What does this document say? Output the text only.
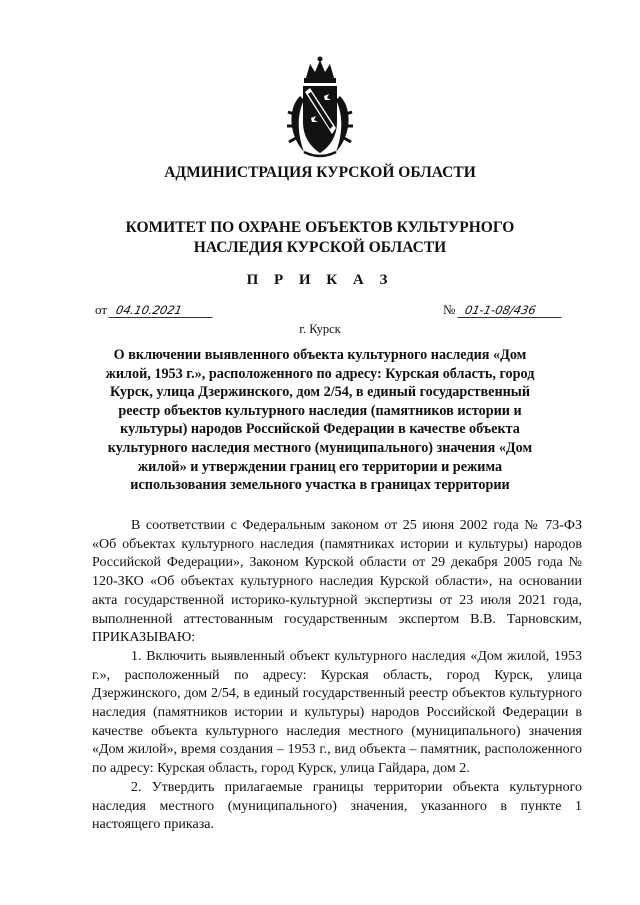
АДМИНИСТРАЦИЯ КУРСКОЙ ОБЛАСТИ
КОМИТЕТ ПО ОХРАНЕ ОБЪЕКТОВ КУЛЬТУРНОГО НАСЛЕДИЯ КУРСКОЙ ОБЛАСТИ
П Р И К А З
от 04.10.2021	№ 01-1-08/436
г. Курск
О включении выявленного объекта культурного наследия «Дом жилой, 1953 г.», расположенного по адресу: Курская область, город Курск, улица Дзержинского, дом 2/54, в единый государственный реестр объектов культурного наследия (памятников истории и культуры) народов Российской Федерации в качестве объекта культурного наследия местного (муниципального) значения «Дом жилой» и утверждении границ его территории и режима использования земельного участка в границах территории

В соответствии с Федеральным законом от 25 июня 2002 года № 73-ФЗ «Об объектах культурного наследия (памятниках истории и культуры) народов Российской Федерации», Законом Курской области от 29 декабря 2005 года № 120-ЗКО «Об объектах культурного наследия Курской области», на основании акта государственной историко-культурной экспертизы от 23 июля 2021 года, выполненной аттестованным государственным экспертом В.В. Тарновским, ПРИКАЗЫВАЮ:

1. Включить выявленный объект культурного наследия «Дом жилой, 1953 г.», расположенный по адресу: Курская область, город Курск, улица Дзержинского, дом 2/54, в единый государственный реестр объектов культурного наследия (памятников истории и культуры) народов Российской Федерации в качестве объекта культурного наследия местного (муниципального) значения «Дом жилой», время создания – 1953 г., вид объекта – памятник, расположенного по адресу: Курская область, город Курск, улица Гайдара, дом 2.

2. Утвердить прилагаемые границы территории объекта культурного наследия местного (муниципального) значения, указанного в пункте 1 настоящего приказа.
